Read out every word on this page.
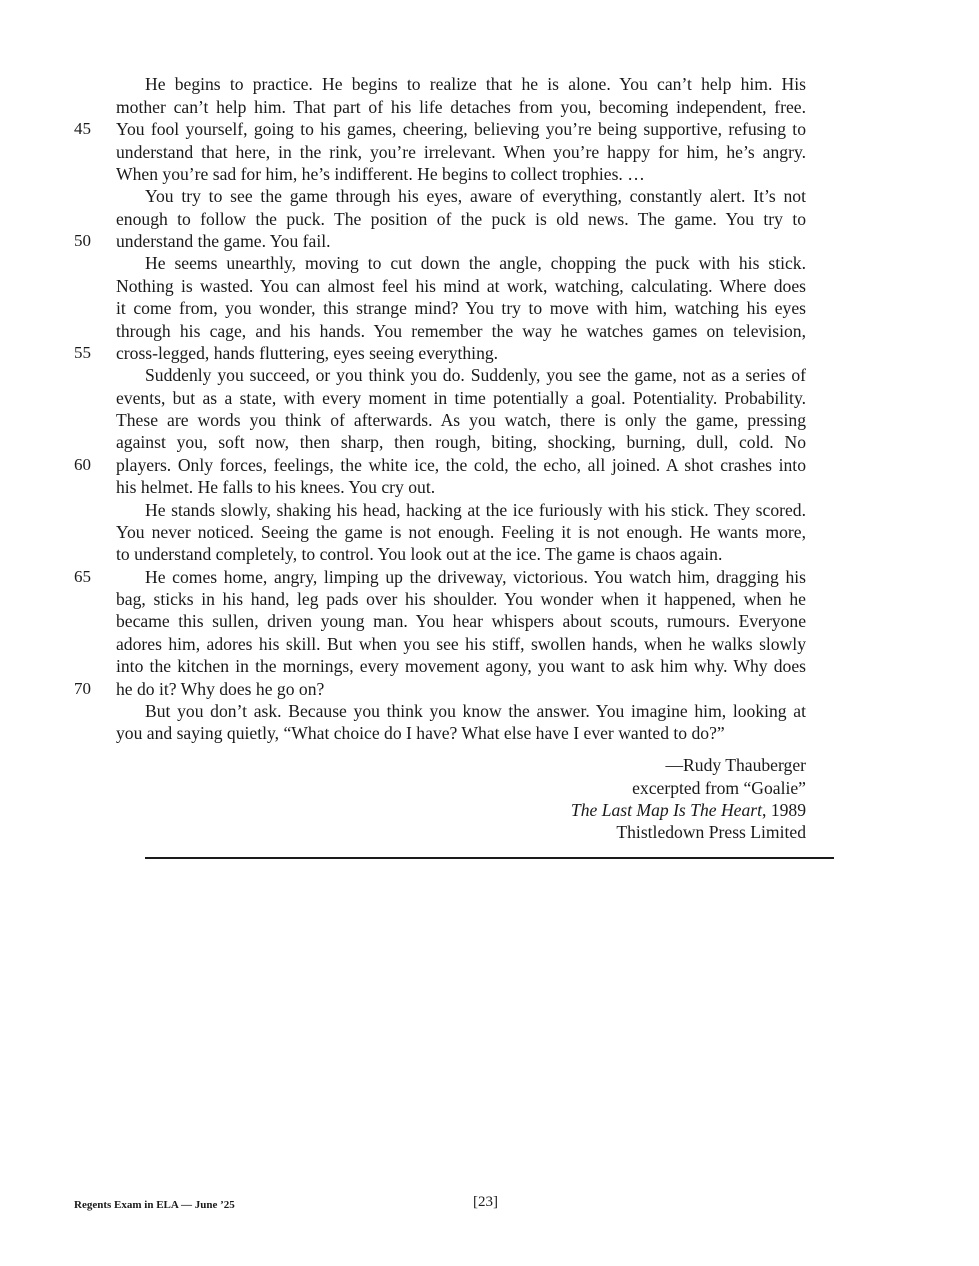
He begins to practice. He begins to realize that he is alone. You can’t help him. His
mother can’t help him. That part of his life detaches from you, becoming independent, free.
You fool yourself, going to his games, cheering, believing you’re being supportive, refusing to
understand that here, in the rink, you’re irrelevant. When you’re happy for him, he’s angry.
When you’re sad for him, he’s indifferent. He begins to collect trophies. …
You try to see the game through his eyes, aware of everything, constantly alert. It’s not
enough to follow the puck. The position of the puck is old news. The game. You try to
understand the game. You fail.
He seems unearthly, moving to cut down the angle, chopping the puck with his stick.
Nothing is wasted. You can almost feel his mind at work, watching, calculating. Where does
it come from, you wonder, this strange mind? You try to move with him, watching his eyes
through his cage, and his hands. You remember the way he watches games on television,
cross-legged, hands fluttering, eyes seeing everything.
Suddenly you succeed, or you think you do. Suddenly, you see the game, not as a series of
events, but as a state, with every moment in time potentially a goal. Potentiality. Probability.
These are words you think of afterwards. As you watch, there is only the game, pressing
against you, soft now, then sharp, then rough, biting, shocking, burning, dull, cold. No
players. Only forces, feelings, the white ice, the cold, the echo, all joined. A shot crashes into
his helmet. He falls to his knees. You cry out.
He stands slowly, shaking his head, hacking at the ice furiously with his stick. They scored.
You never noticed. Seeing the game is not enough. Feeling it is not enough. He wants more,
to understand completely, to control. You look out at the ice. The game is chaos again.
He comes home, angry, limping up the driveway, victorious. You watch him, dragging his
bag, sticks in his hand, leg pads over his shoulder. You wonder when it happened, when he
became this sullen, driven young man. You hear whispers about scouts, rumours. Everyone
adores him, adores his skill. But when you see his stiff, swollen hands, when he walks slowly
into the kitchen in the mornings, every movement agony, you want to ask him why. Why does
he do it? Why does he go on?
But you don’t ask. Because you think you know the answer. You imagine him, looking at
you and saying quietly, “What choice do I have? What else have I ever wanted to do?”
45
50
55
60
65
70
—Rudy Thauberger
excerpted from “Goalie”
The Last Map Is The Heart, 1989
Thistledown Press Limited
Regents Exam in ELA — June ’25	[23]
